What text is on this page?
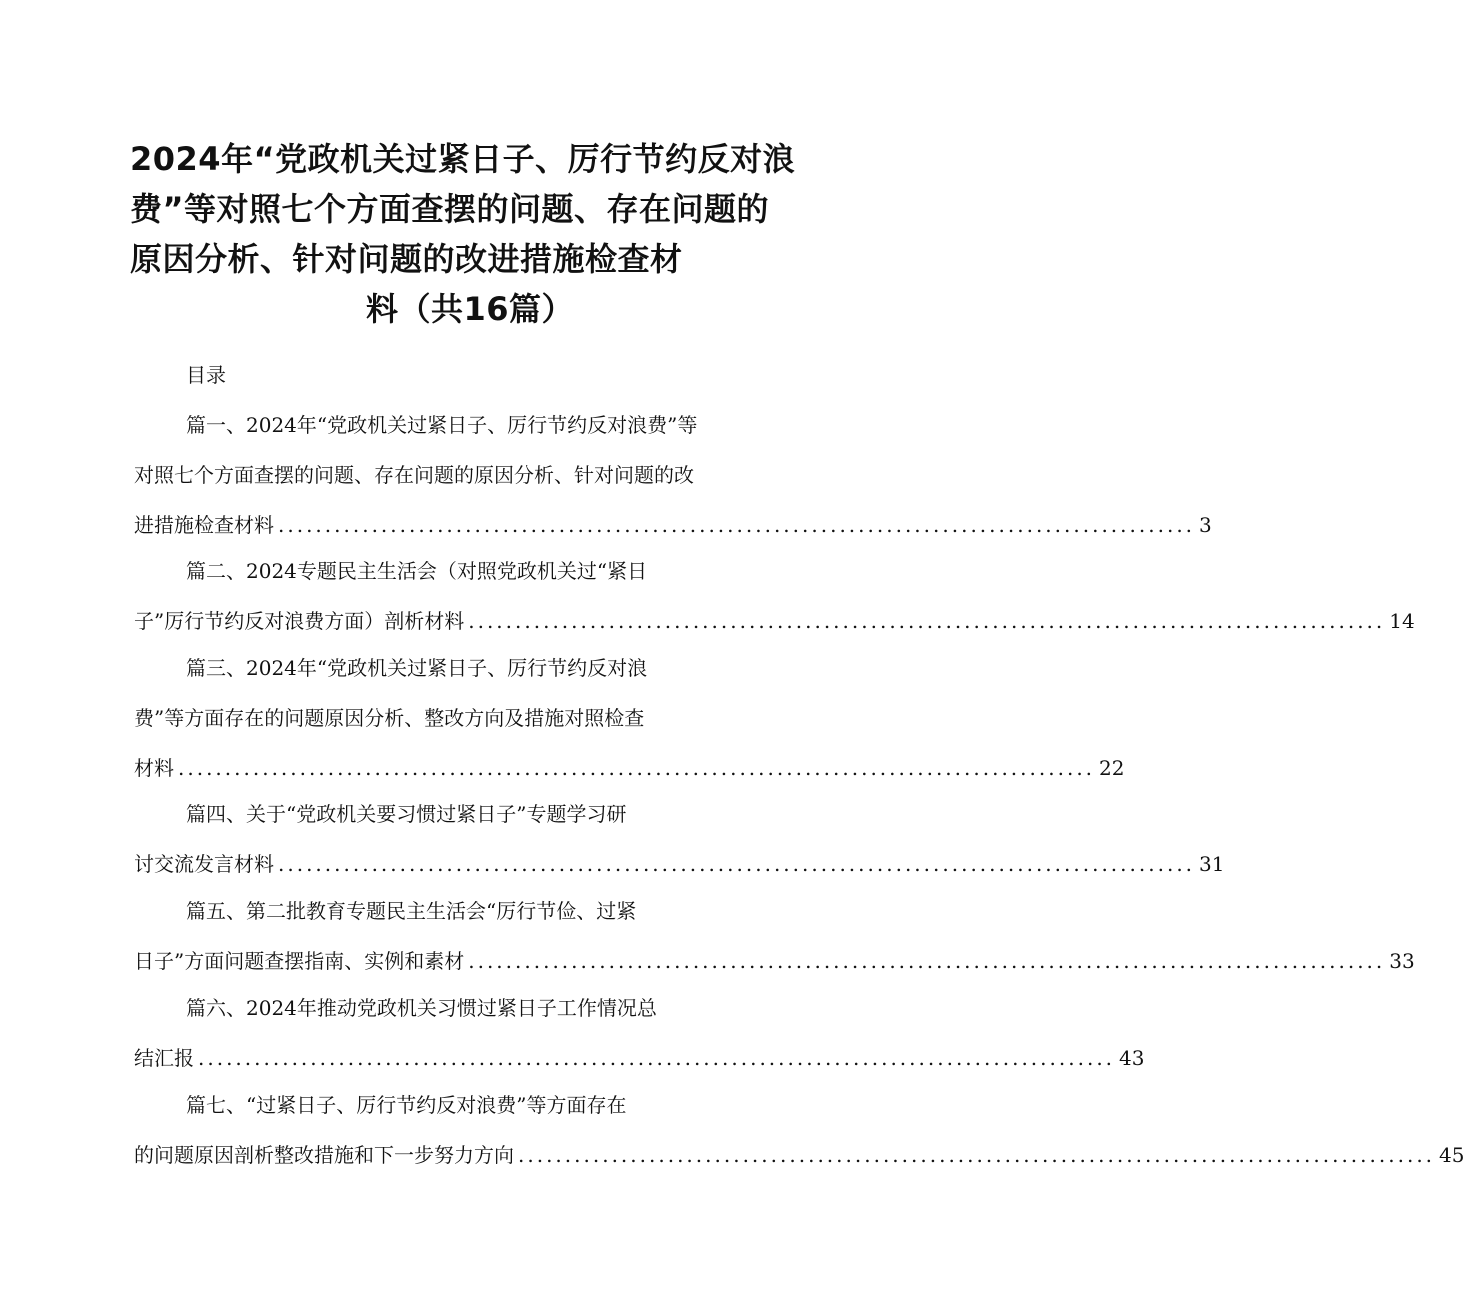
2024年“党政机关过紧日子、厉行节约反对浪
费”等对照七个方面查摆的问题、存在问题的
原因分析、针对问题的改进措施检查材
料（共16篇）
目录
篇一、2024年“党政机关过紧日子、厉行节约反对浪费”等
对照七个方面查摆的问题、存在问题的原因分析、针对问题的改
进措施检查材料 .................................................................................................. 3
篇二、2024专题民主生活会（对照党政机关过“紧日
子”厉行节约反对浪费方面）剖析材料 .................................................................................................. 14
篇三、2024年“党政机关过紧日子、厉行节约反对浪
费”等方面存在的问题原因分析、整改方向及措施对照检查
材料 .................................................................................................. 22
篇四、关于“党政机关要习惯过紧日子”专题学习研
讨交流发言材料 .................................................................................................. 31
篇五、第二批教育专题民主生活会“厉行节俭、过紧
日子”方面问题查摆指南、实例和素材 .................................................................................................. 33
篇六、2024年推动党政机关习惯过紧日子工作情况总
结汇报 .................................................................................................. 43
篇七、“过紧日子、厉行节约反对浪费”等方面存在
的问题原因剖析整改措施和下一步努力方向 .................................................................................................. 45
